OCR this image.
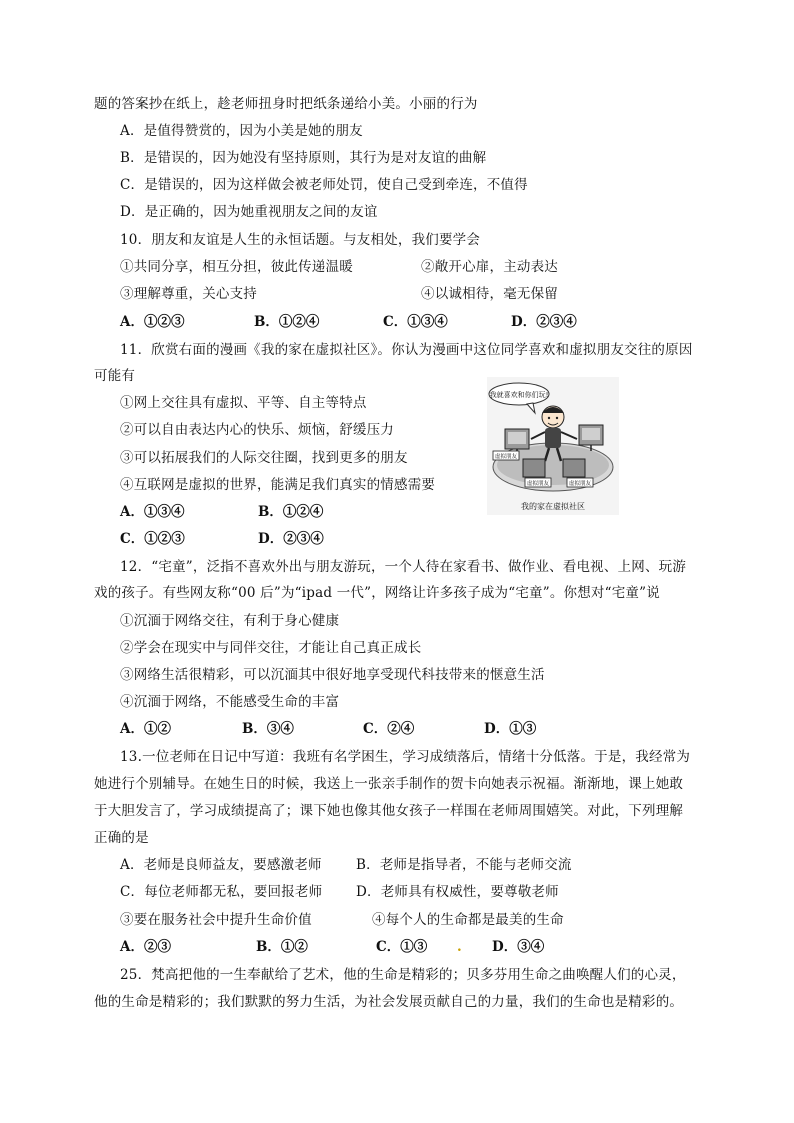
题的答案抄在纸上，趁老师扭身时把纸条递给小美。小丽的行为
A．是值得赞赏的，因为小美是她的朋友
B．是错误的，因为她没有坚持原则，其行为是对友谊的曲解
C．是错误的，因为这样做会被老师处罚，使自己受到牵连，不值得
D．是正确的，因为她重视朋友之间的友谊
10．朋友和友谊是人生的永恒话题。与友相处，我们要学会
①共同分享，相互分担，彼此传递温暖	②敞开心扉，主动表达
③理解尊重，关心支持	④以诚相待，毫无保留
A．①②③	B．①②④	C．①③④	D．②③④
11．欣赏右面的漫画《我的家在虚拟社区》。你认为漫画中这位同学喜欢和虚拟朋友交往的原因
可能有
①网上交往具有虚拟、平等、自主等特点
②可以自由表达内心的快乐、烦恼，舒缓压力
③可以拓展我们的人际交往圈，找到更多的朋友
④互联网是虚拟的世界，能满足我们真实的情感需要
A．①③④	B．①②④
C．①②③	D．②③④
我就喜欢和你们玩!
虚拟朋友
虚拟朋友	虚拟朋友
我的家在虚拟社区
12．“宅童”，泛指不喜欢外出与朋友游玩，一个人待在家看书、做作业、看电视、上网、玩游
戏的孩子。有些网友称“00 后”为“ipad 一代”，网络让许多孩子成为“宅童”。你想对“宅童”说
①沉湎于网络交往，有利于身心健康
②学会在现实中与同伴交往，才能让自己真正成长
③网络生活很精彩，可以沉湎其中很好地享受现代科技带来的惬意生活
④沉湎于网络，不能感受生命的丰富
A．①②	B．③④	C．②④	D．①③
13.一位老师在日记中写道：我班有名学困生，学习成绩落后，情绪十分低落。于是，我经常为
她进行个别辅导。在她生日的时候，我送上一张亲手制作的贺卡向她表示祝福。渐渐地，课上她敢
于大胆发言了，学习成绩提高了；课下她也像其他女孩子一样围在老师周围嬉笑。对此，下列理解
正确的是
A．老师是良师益友，要感激老师	B．老师是指导者，不能与老师交流
C．每位老师都无私，要回报老师 D．老师具有权威性，要尊敬老师
③要在服务社会中提升生命价值	④每个人的生命都是最美的生命
A．②③	B．①②	C．①③ . D．③④
25．梵高把他的一生奉献给了艺术，他的生命是精彩的；贝多芬用生命之曲唤醒人们的心灵，
他的生命是精彩的；我们默默的努力生活，为社会发展贡献自己的力量，我们的生命也是精彩的。
